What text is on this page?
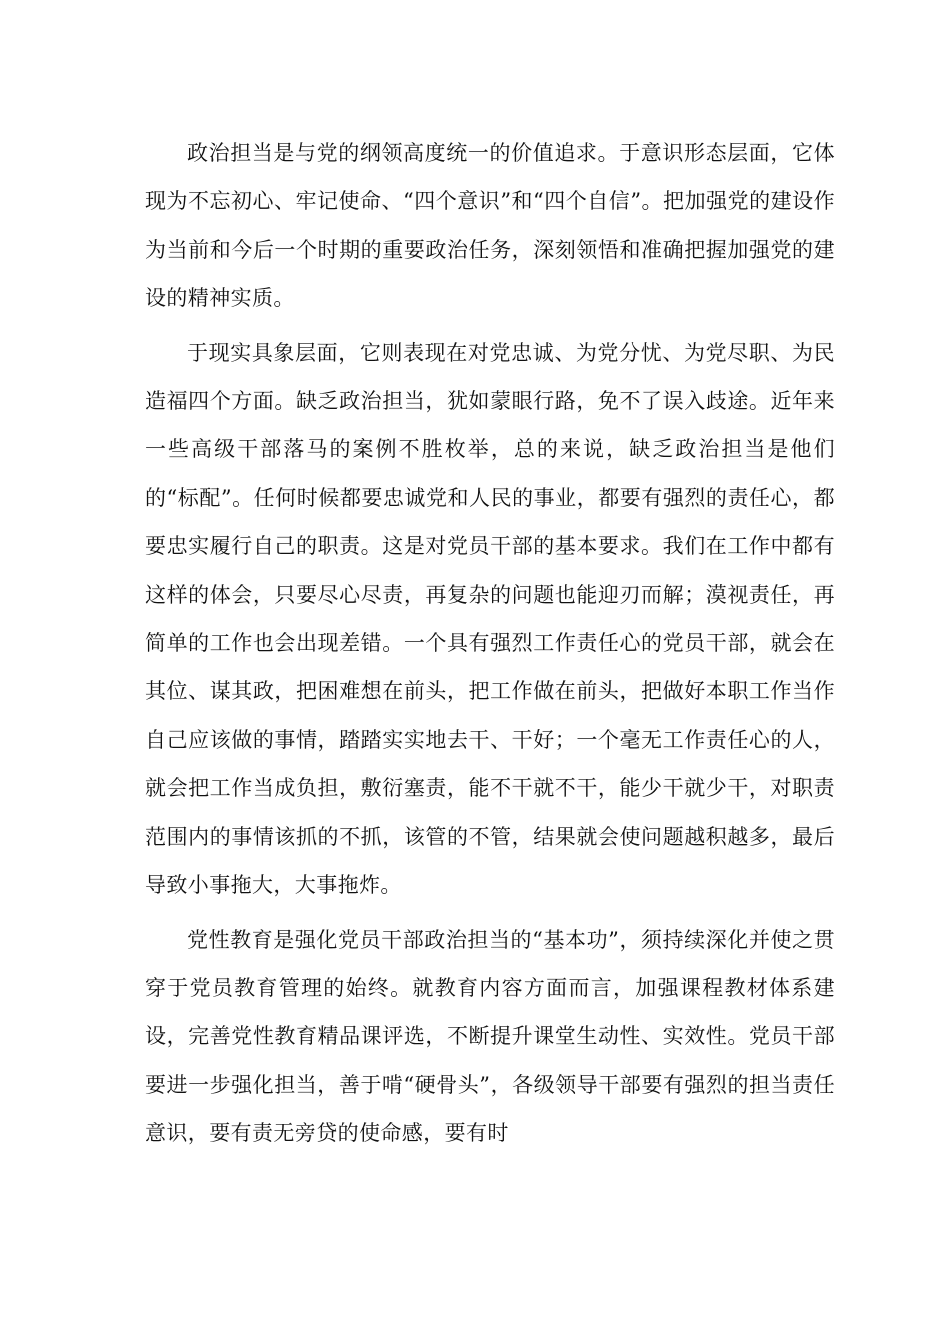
政治担当是与党的纲领高度统一的价值追求。于意识形态层面，它体现为不忘初心、牢记使命、“四个意识”和“四个自信”。把加强党的建设作为当前和今后一个时期的重要政治任务，深刻领悟和准确把握加强党的建设的精神实质。

于现实具象层面，它则表现在对党忠诚、为党分忧、为党尽职、为民造福四个方面。缺乏政治担当，犹如蒙眼行路，免不了误入歧途。近年来一些高级干部落马的案例不胜枚举，总的来说，缺乏政治担当是他们的“标配”。任何时候都要忠诚党和人民的事业，都要有强烈的责任心，都要忠实履行自己的职责。这是对党员干部的基本要求。我们在工作中都有这样的体会，只要尽心尽责，再复杂的问题也能迎刃而解；漠视责任，再简单的工作也会出现差错。一个具有强烈工作责任心的党员干部，就会在其位、谋其政，把困难想在前头，把工作做在前头，把做好本职工作当作自己应该做的事情，踏踏实实地去干、干好；一个毫无工作责任心的人，就会把工作当成负担，敷衍塞责，能不干就不干，能少干就少干，对职责范围内的事情该抓的不抓，该管的不管，结果就会使问题越积越多，最后导致小事拖大，大事拖炸。

党性教育是强化党员干部政治担当的“基本功”，须持续深化并使之贯穿于党员教育管理的始终。就教育内容方面而言，加强课程教材体系建设，完善党性教育精品课评选，不断提升课堂生动性、实效性。党员干部要进一步强化担当，善于啃“硬骨头”，各级领导干部要有强烈的担当责任意识，要有责无旁贷的使命感，要有时
